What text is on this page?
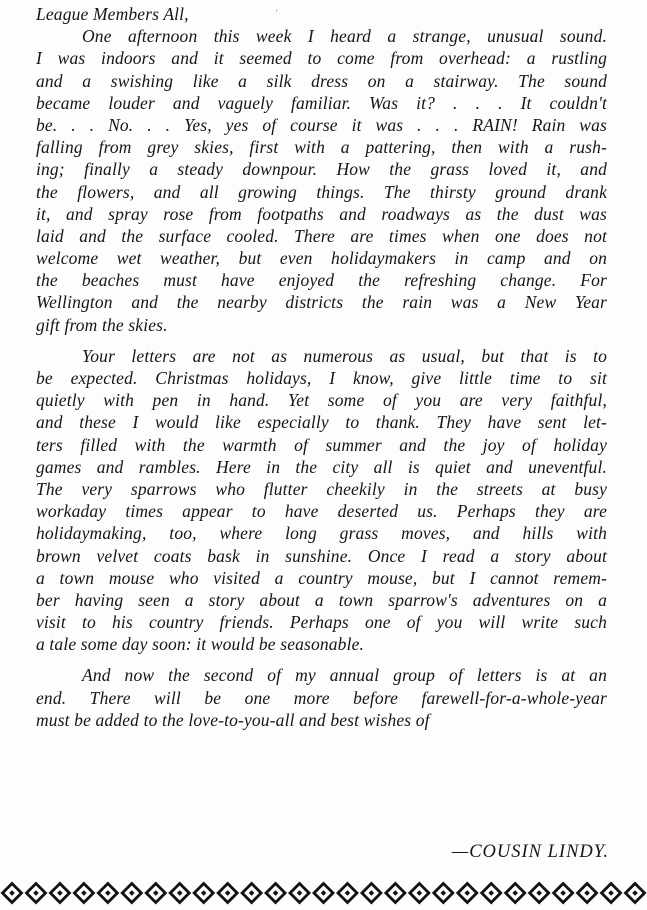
'
League Members All,
One afternoon this week I heard a strange, unusual sound.
I was indoors and it seemed to come from overhead: a rustling
and a swishing like a silk dress on a stairway. The sound
became louder and vaguely familiar. Was it? . . . It couldn't
be. . . No. . . Yes, yes of course it was . . . RAIN! Rain was
falling from grey skies, first with a pattering, then with a rush-
ing; finally a steady downpour. How the grass loved it, and
the flowers, and all growing things. The thirsty ground drank
it, and spray rose from footpaths and roadways as the dust was
laid and the surface cooled. There are times when one does not
welcome wet weather, but even holidaymakers in camp and on
the beaches must have enjoyed the refreshing change. For
Wellington and the nearby districts the rain was a New Year
gift from the skies.
Your letters are not as numerous as usual, but that is to
be expected. Christmas holidays, I know, give little time to sit
quietly with pen in hand. Yet some of you are very faithful,
and these I would like especially to thank. They have sent let-
ters filled with the warmth of summer and the joy of holiday
games and rambles. Here in the city all is quiet and uneventful.
The very sparrows who flutter cheekily in the streets at busy
workaday times appear to have deserted us. Perhaps they are
holidaymaking, too, where long grass moves, and hills with
brown velvet coats bask in sunshine. Once I read a story about
a town mouse who visited a country mouse, but I cannot remem-
ber having seen a story about a town sparrow's adventures on a
visit to his country friends. Perhaps one of you will write such
a tale some day soon: it would be seasonable.
And now the second of my annual group of letters is at an
end. There will be one more before farewell-for-a-whole-year
must be added to the love-to-you-all and best wishes of
—COUSIN LINDY.
